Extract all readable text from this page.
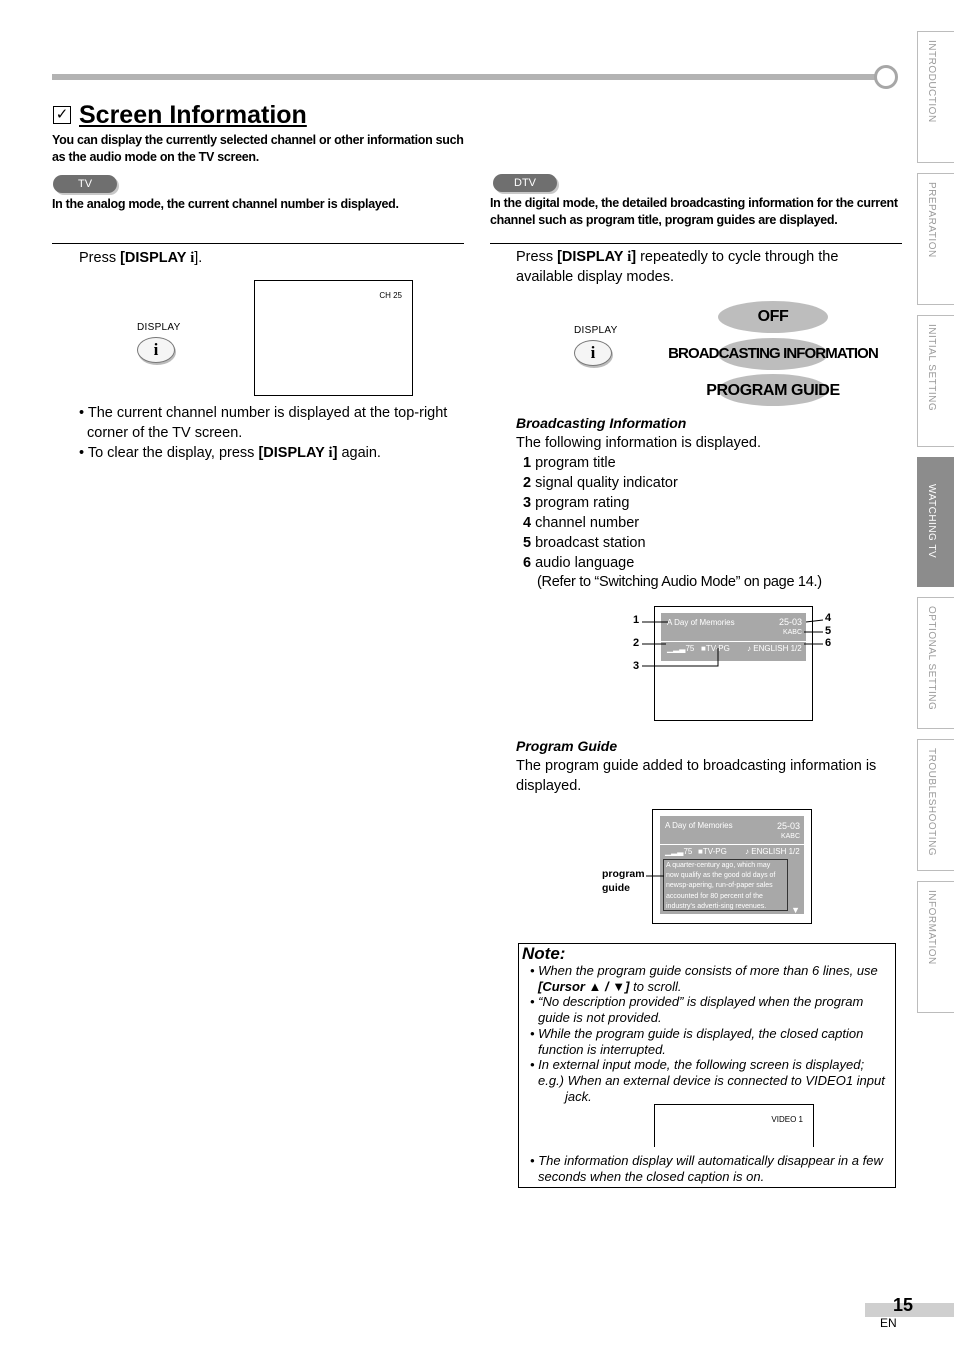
INTRODUCTION
PREPARATION
INITIAL SETTING
WATCHING TV
OPTIONAL SETTING
TROUBLESHOOTING
INFORMATION
✓ Screen Information
You can display the currently selected channel or other information such as the audio mode on the TV screen.
TV
In the analog mode, the current channel number is displayed.
Press [DISPLAY i].
DISPLAY
i
CH 25
• The current channel number is displayed at the top-right corner of the TV screen.
• To clear the display, press [DISPLAY i] again.
DTV
In the digital mode, the detailed broadcasting information for the current channel such as program title, program guides are displayed.
Press [DISPLAY i] repeatedly to cycle through the available display modes.
DISPLAY
i
OFF
BROADCASTING INFORMATION
PROGRAM GUIDE
Broadcasting Information
The following information is displayed.
1 program title
2 signal quality indicator
3 program rating
4 channel number
5 broadcast station
6 audio language
(Refer to “Switching Audio Mode” on page 14.)
A Day of Memories	25-03
KABC
▁▂▃75 ■TV-PG ♪ ENGLISH 1/2
1
2
3
4
5
6
Program Guide
The program guide added to broadcasting information is displayed.
A Day of Memories	25-03
KABC
▁▂▃75 ■TV-PG ♪ ENGLISH 1/2
A quarter-century ago, which may now qualify as the good old days of newsp-apering, run-of-paper sales accounted for 80 percent of the industry's adverti-sing revenues.	▼
program guide
Note:
• When the program guide consists of more than 6 lines, use [Cursor ▲ / ▼] to scroll.
• “No description provided” is displayed when the program guide is not provided.
• While the program guide is displayed, the closed caption function is interrupted.
• In external input mode, the following screen is displayed;
e.g.) When an external device is connected to VIDEO1 input jack.
VIDEO 1
• The information display will automatically disappear in a few seconds when the closed caption is on.
15
EN
